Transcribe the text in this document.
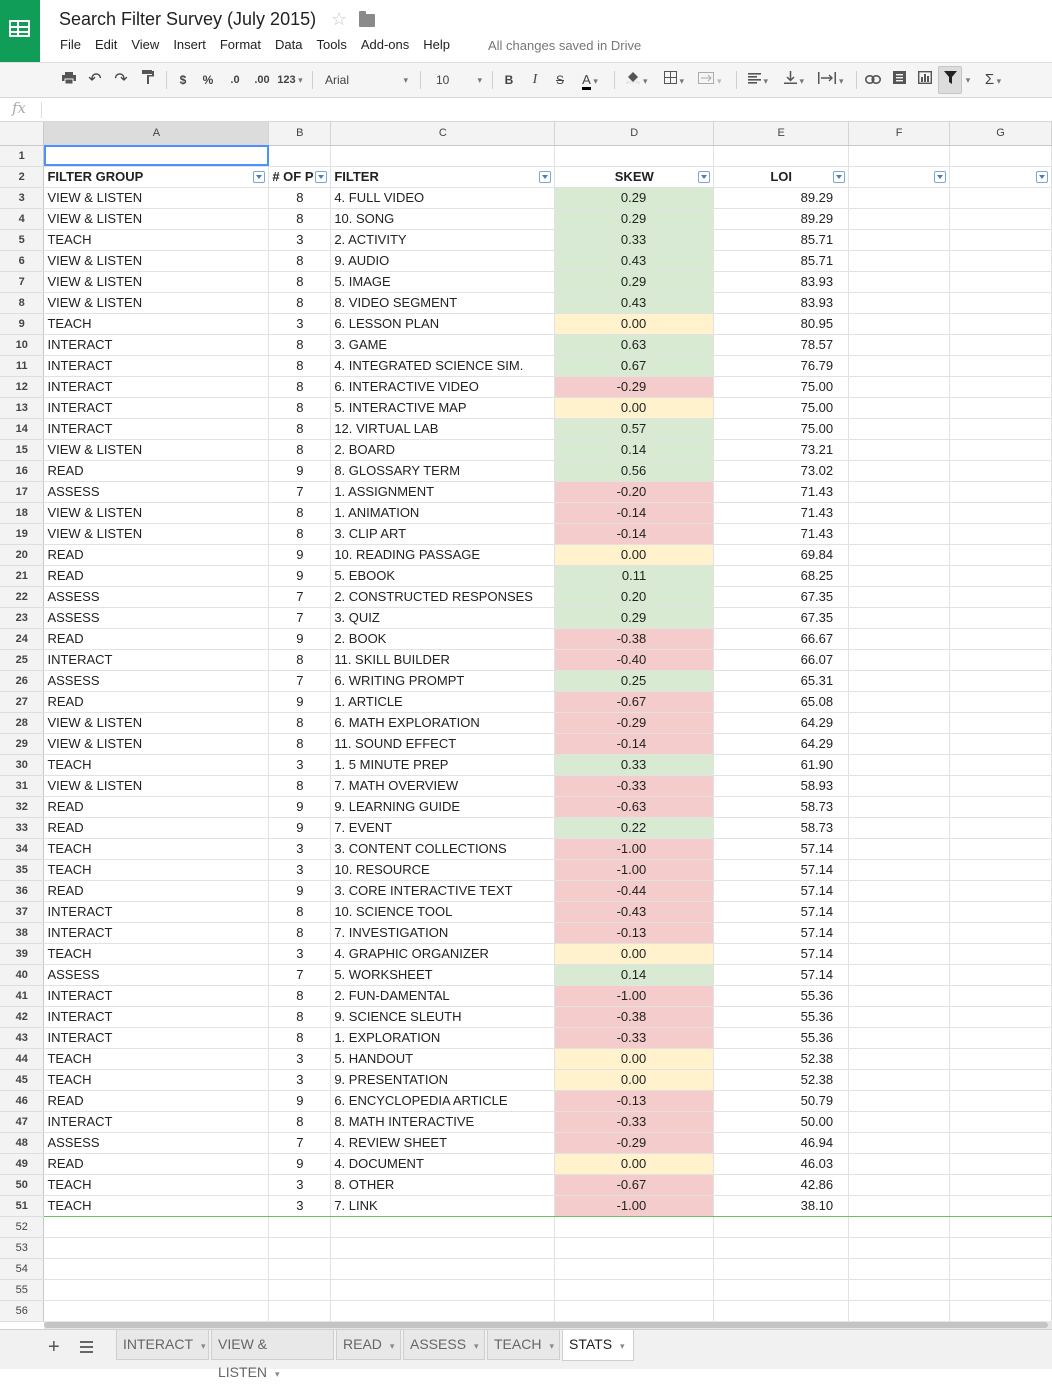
Search Filter Survey (July 2015) ☆
File Edit View Insert Format Data Tools Add-ons Help	All changes saved in Drive
↶ ↷	$	%	.0	.00 123 ▾	Arial	▾	10	▾	B	I	S	A ▾ ▾ ▾ ▾ ▾ ▾ ▾	▾ Σ ▾
fx
	A	B	C	D	E	F	G
1							
2	FILTER GROUP	# OF P	FILTER	SKEW	LOI

3	VIEW & LISTEN	8	4. FULL VIDEO	0.29	89.29		
4	VIEW & LISTEN	8	10. SONG	0.29	89.29		
5	TEACH	3	2. ACTIVITY	0.33	85.71		
6	VIEW & LISTEN	8	9. AUDIO	0.43	85.71		
7	VIEW & LISTEN	8	5. IMAGE	0.29	83.93		
8	VIEW & LISTEN	8	8. VIDEO SEGMENT	0.43	83.93		
9	TEACH	3	6. LESSON PLAN	0.00	80.95		
10	INTERACT	8	3. GAME	0.63	78.57		
11	INTERACT	8	4. INTEGRATED SCIENCE SIM.	0.67	76.79		
12	INTERACT	8	6. INTERACTIVE VIDEO	-0.29	75.00		
13	INTERACT	8	5. INTERACTIVE MAP	0.00	75.00		
14	INTERACT	8	12. VIRTUAL LAB	0.57	75.00		
15	VIEW & LISTEN	8	2. BOARD	0.14	73.21		
16	READ	9	8. GLOSSARY TERM	0.56	73.02		
17	ASSESS	7	1. ASSIGNMENT	-0.20	71.43		
18	VIEW & LISTEN	8	1. ANIMATION	-0.14	71.43		
19	VIEW & LISTEN	8	3. CLIP ART	-0.14	71.43		
20	READ	9	10. READING PASSAGE	0.00	69.84		
21	READ	9	5. EBOOK	0.11	68.25		
22	ASSESS	7	2. CONSTRUCTED RESPONSES	0.20	67.35		
23	ASSESS	7	3. QUIZ	0.29	67.35		
24	READ	9	2. BOOK	-0.38	66.67		
25	INTERACT	8	11. SKILL BUILDER	-0.40	66.07		
26	ASSESS	7	6. WRITING PROMPT	0.25	65.31		
27	READ	9	1. ARTICLE	-0.67	65.08		
28	VIEW & LISTEN	8	6. MATH EXPLORATION	-0.29	64.29		
29	VIEW & LISTEN	8	11. SOUND EFFECT	-0.14	64.29		
30	TEACH	3	1. 5 MINUTE PREP	0.33	61.90		
31	VIEW & LISTEN	8	7. MATH OVERVIEW	-0.33	58.93		
32	READ	9	9. LEARNING GUIDE	-0.63	58.73		
33	READ	9	7. EVENT	0.22	58.73		
34	TEACH	3	3. CONTENT COLLECTIONS	-1.00	57.14		
35	TEACH	3	10. RESOURCE	-1.00	57.14		
36	READ	9	3. CORE INTERACTIVE TEXT	-0.44	57.14		
37	INTERACT	8	10. SCIENCE TOOL	-0.43	57.14		
38	INTERACT	8	7. INVESTIGATION	-0.13	57.14		
39	TEACH	3	4. GRAPHIC ORGANIZER	0.00	57.14		
40	ASSESS	7	5. WORKSHEET	0.14	57.14		
41	INTERACT	8	2. FUN-DAMENTAL	-1.00	55.36		
42	INTERACT	8	9. SCIENCE SLEUTH	-0.38	55.36		
43	INTERACT	8	1. EXPLORATION	-0.33	55.36		
44	TEACH	3	5. HANDOUT	0.00	52.38		
45	TEACH	3	9. PRESENTATION	0.00	52.38		
46	READ	9	6. ENCYCLOPEDIA ARTICLE	-0.13	50.79		
47	INTERACT	8	8. MATH INTERACTIVE	-0.33	50.00		
48	ASSESS	7	4. REVIEW SHEET	-0.29	46.94		
49	READ	9	4. DOCUMENT	0.00	46.03		
50	TEACH	3	8. OTHER	-0.67	42.86		
51	TEACH	3	7. LINK	-1.00	38.10		
52							
53							
54							
55							
56							
+	INTERACT ▾ VIEW & LISTEN ▾
READ ▾	ASSESS ▾	TEACH ▾	STATS ▾
